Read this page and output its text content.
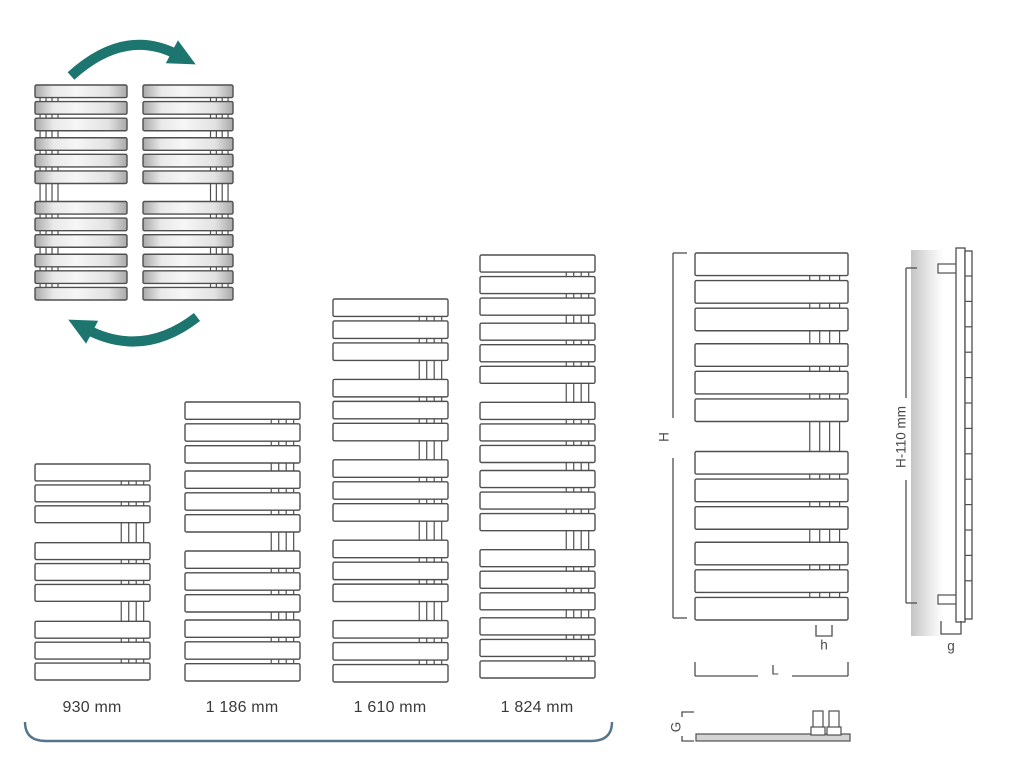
930 mm	1 186 mm	1 610 mm	1 824 mm
H
h
L
G
H-110 mm
g
